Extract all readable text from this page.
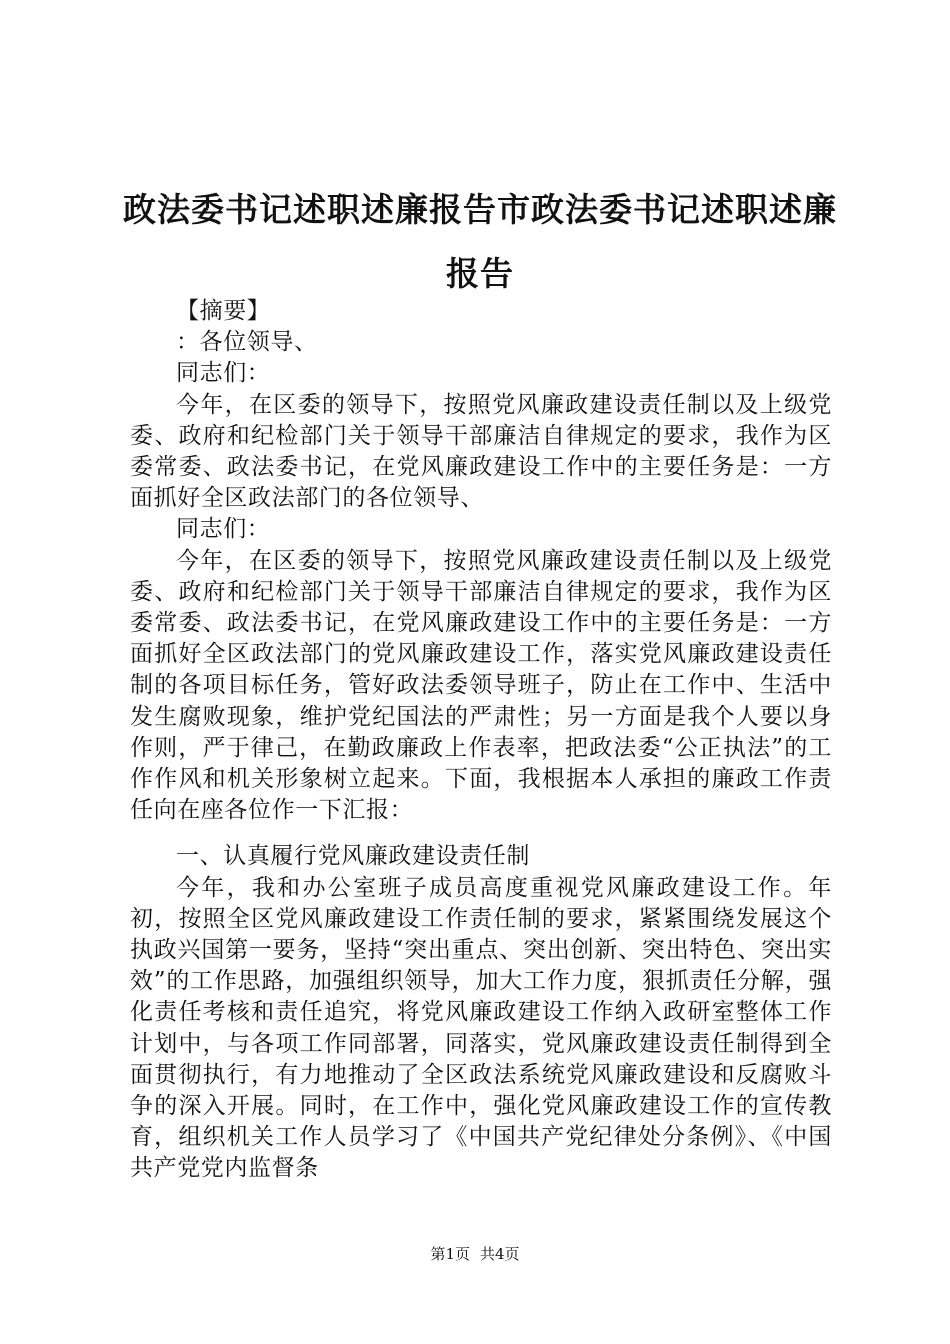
政法委书记述职述廉报告市政法委书记述职述廉报告

【摘要】

：各位领导、

同志们：

今年，在区委的领导下，按照党风廉政建设责任制以及上级党委、政府和纪检部门关于领导干部廉洁自律规定的要求，我作为区委常委、政法委书记，在党风廉政建设工作中的主要任务是：一方面抓好全区政法部门的各位领导、

同志们：

今年，在区委的领导下，按照党风廉政建设责任制以及上级党委、政府和纪检部门关于领导干部廉洁自律规定的要求，我作为区委常委、政法委书记，在党风廉政建设工作中的主要任务是：一方面抓好全区政法部门的党风廉政建设工作，落实党风廉政建设责任制的各项目标任务，管好政法委领导班子，防止在工作中、生活中发生腐败现象，维护党纪国法的严肃性；另一方面是我个人要以身作则，严于律己，在勤政廉政上作表率，把政法委“公正执法”的工作作风和机关形象树立起来。下面，我根据本人承担的廉政工作责任向在座各位作一下汇报：

一、认真履行党风廉政建设责任制

今年，我和办公室班子成员高度重视党风廉政建设工作。年初，按照全区党风廉政建设工作责任制的要求，紧紧围绕发展这个执政兴国第一要务，坚持“突出重点、突出创新、突出特色、突出实效”的工作思路，加强组织领导，加大工作力度，狠抓责任分解，强化责任考核和责任追究，将党风廉政建设工作纳入政研室整体工作计划中，与各项工作同部署，同落实，党风廉政建设责任制得到全面贯彻执行，有力地推动了全区政法系统党风廉政建设和反腐败斗争的深入开展。同时，在工作中，强化党风廉政建设工作的宣传教育，组织机关工作人员学习了《中国共产党纪律处分条例》、《中国共产党党内监督条

第1页 共4页
